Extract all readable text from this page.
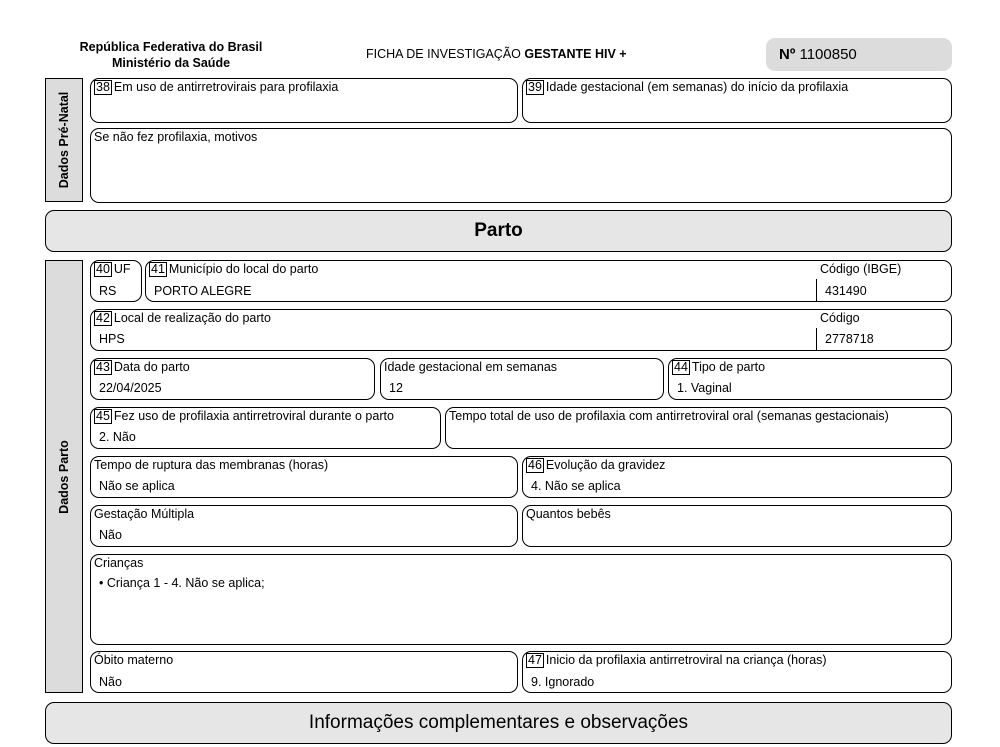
República Federativa do Brasil
Ministério da Saúde
FICHA DE INVESTIGAÇÃO GESTANTE HIV +	Nº 1100850
Dados Pré-Natal
38 Em uso de antirretrovirais para profilaxia	39 Idade gestacional (em semanas) do início da profilaxia
Se não fez profilaxia, motivos
Parto
Dados Parto
40 UF
RS
41 Município do local do parto
PORTO ALEGRE
Código (IBGE)
431490
42 Local de realização do parto
HPS
Código
2778718
43 Data do parto
22/04/2025
Idade gestacional em semanas
12
44 Tipo de parto
1. Vaginal
45 Fez uso de profilaxia antirretroviral durante o parto
2. Não
Tempo total de uso de profilaxia com antirretroviral oral (semanas gestacionais)
Tempo de ruptura das membranas (horas)
Não se aplica
46 Evolução da gravidez
4. Não se aplica
Gestação Múltipla
Não
Quantos bebês
Crianças
• Criança 1 - 4. Não se aplica;
Óbito materno
Não
47 Inicio da profilaxia antirretroviral na criança (horas)
9. Ignorado
Informações complementares e observações
